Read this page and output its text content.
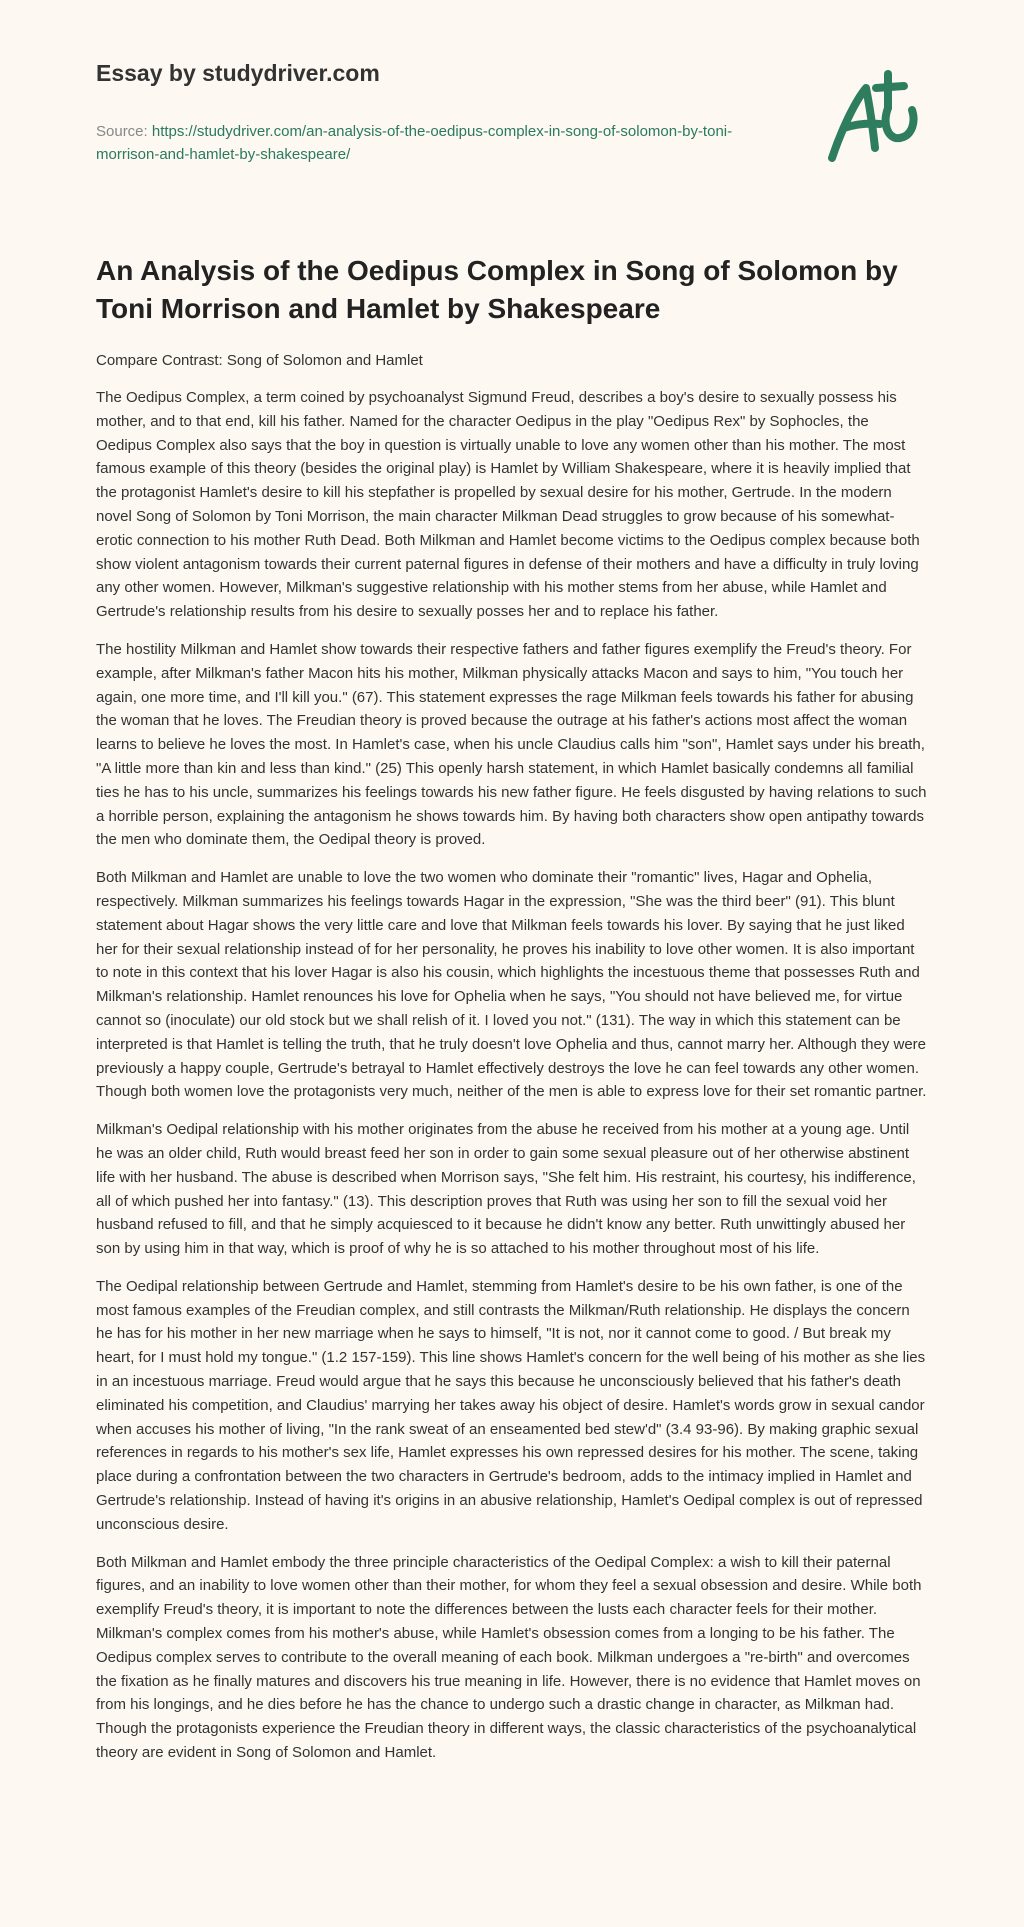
Essay by studydriver.com
Source: https://studydriver.com/an-analysis-of-the-oedipus-complex-in-song-of-solomon-by-toni-morrison-and-hamlet-by-shakespeare/
An Analysis of the Oedipus Complex in Song of Solomon by Toni Morrison and Hamlet by Shakespeare
Compare Contrast: Song of Solomon and Hamlet

The Oedipus Complex, a term coined by psychoanalyst Sigmund Freud, describes a boy's desire to sexually possess his mother, and to that end, kill his father. Named for the character Oedipus in the play "Oedipus Rex" by Sophocles, the Oedipus Complex also says that the boy in question is virtually unable to love any women other than his mother. The most famous example of this theory (besides the original play) is Hamlet by William Shakespeare, where it is heavily implied that the protagonist Hamlet's desire to kill his stepfather is propelled by sexual desire for his mother, Gertrude. In the modern novel Song of Solomon by Toni Morrison, the main character Milkman Dead struggles to grow because of his somewhat-erotic connection to his mother Ruth Dead. Both Milkman and Hamlet become victims to the Oedipus complex because both show violent antagonism towards their current paternal figures in defense of their mothers and have a difficulty in truly loving any other women. However, Milkman's suggestive relationship with his mother stems from her abuse, while Hamlet and Gertrude's relationship results from his desire to sexually posses her and to replace his father.

The hostility Milkman and Hamlet show towards their respective fathers and father figures exemplify the Freud's theory. For example, after Milkman's father Macon hits his mother, Milkman physically attacks Macon and says to him, "You touch her again, one more time, and I'll kill you." (67). This statement expresses the rage Milkman feels towards his father for abusing the woman that he loves. The Freudian theory is proved because the outrage at his father's actions most affect the woman learns to believe he loves the most. In Hamlet's case, when his uncle Claudius calls him "son", Hamlet says under his breath, "A little more than kin and less than kind." (25) This openly harsh statement, in which Hamlet basically condemns all familial ties he has to his uncle, summarizes his feelings towards his new father figure. He feels disgusted by having relations to such a horrible person, explaining the antagonism he shows towards him. By having both characters show open antipathy towards the men who dominate them, the Oedipal theory is proved.

Both Milkman and Hamlet are unable to love the two women who dominate their "romantic" lives, Hagar and Ophelia, respectively. Milkman summarizes his feelings towards Hagar in the expression, "She was the third beer" (91). This blunt statement about Hagar shows the very little care and love that Milkman feels towards his lover. By saying that he just liked her for their sexual relationship instead of for her personality, he proves his inability to love other women. It is also important to note in this context that his lover Hagar is also his cousin, which highlights the incestuous theme that possesses Ruth and Milkman's relationship. Hamlet renounces his love for Ophelia when he says, "You should not have believed me, for virtue cannot so (inoculate) our old stock but we shall relish of it. I loved you not." (131). The way in which this statement can be interpreted is that Hamlet is telling the truth, that he truly doesn't love Ophelia and thus, cannot marry her. Although they were previously a happy couple, Gertrude's betrayal to Hamlet effectively destroys the love he can feel towards any other women. Though both women love the protagonists very much, neither of the men is able to express love for their set romantic partner.

Milkman's Oedipal relationship with his mother originates from the abuse he received from his mother at a young age. Until he was an older child, Ruth would breast feed her son in order to gain some sexual pleasure out of her otherwise abstinent life with her husband. The abuse is described when Morrison says, "She felt him. His restraint, his courtesy, his indifference, all of which pushed her into fantasy." (13). This description proves that Ruth was using her son to fill the sexual void her husband refused to fill, and that he simply acquiesced to it because he didn't know any better. Ruth unwittingly abused her son by using him in that way, which is proof of why he is so attached to his mother throughout most of his life.

The Oedipal relationship between Gertrude and Hamlet, stemming from Hamlet's desire to be his own father, is one of the most famous examples of the Freudian complex, and still contrasts the Milkman/Ruth relationship. He displays the concern he has for his mother in her new marriage when he says to himself, "It is not, nor it cannot come to good. / But break my heart, for I must hold my tongue." (1.2 157-159). This line shows Hamlet's concern for the well being of his mother as she lies in an incestuous marriage. Freud would argue that he says this because he unconsciously believed that his father's death eliminated his competition, and Claudius' marrying her takes away his object of desire. Hamlet's words grow in sexual candor when accuses his mother of living, "In the rank sweat of an enseamented bed stew'd" (3.4 93-96). By making graphic sexual references in regards to his mother's sex life, Hamlet expresses his own repressed desires for his mother. The scene, taking place during a confrontation between the two characters in Gertrude's bedroom, adds to the intimacy implied in Hamlet and Gertrude's relationship. Instead of having it's origins in an abusive relationship, Hamlet's Oedipal complex is out of repressed unconscious desire.

Both Milkman and Hamlet embody the three principle characteristics of the Oedipal Complex: a wish to kill their paternal figures, and an inability to love women other than their mother, for whom they feel a sexual obsession and desire. While both exemplify Freud's theory, it is important to note the differences between the lusts each character feels for their mother. Milkman's complex comes from his mother's abuse, while Hamlet's obsession comes from a longing to be his father. The Oedipus complex serves to contribute to the overall meaning of each book. Milkman undergoes a "re-birth" and overcomes the fixation as he finally matures and discovers his true meaning in life. However, there is no evidence that Hamlet moves on from his longings, and he dies before he has the chance to undergo such a drastic change in character, as Milkman had. Though the protagonists experience the Freudian theory in different ways, the classic characteristics of the psychoanalytical theory are evident in Song of Solomon and Hamlet.
